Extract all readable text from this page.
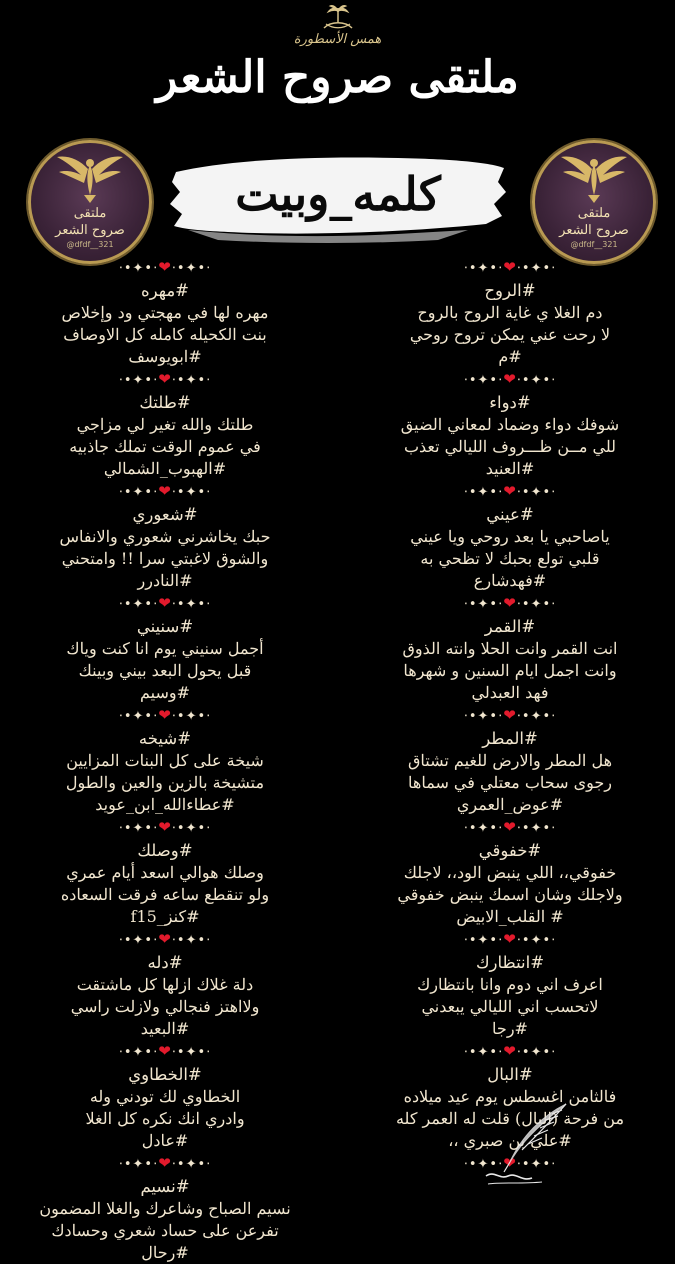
همس الأسطورة
ملتقى صروح الشعر
ملتقى
صروح الشعر
@dfdf__321
ملتقى
صروح الشعر
@dfdf__321
كلمه_وبيت
⋅•✦•⋅❤⋅•✦•⋅
#الروح
دم الغلا ي غاية الروح بالروح
لا رحت عني يمكن تروح روحي
#م
⋅•✦•⋅❤⋅•✦•⋅
#دواء
شوفك دواء وضماد لمعاني الضيق
للي مــن ظـــروف الليالي تعذب
#العنيد
⋅•✦•⋅❤⋅•✦•⋅
#عيني
ياصاحبي يا بعد روحي ويا عيني
قلبي تولع بحبك لا تظحي به
#فهدشارع
⋅•✦•⋅❤⋅•✦•⋅
#القمر
انت القمر وانت الحلا وانته الذوق
وانت اجمل ايام السنين و شهرها
فهد العبدلي
⋅•✦•⋅❤⋅•✦•⋅
#المطر
هل المطر والارض للغيم تشتاق
رجوى سحاب معتلي في سماها
#عوض_العمري
⋅•✦•⋅❤⋅•✦•⋅
#خفوقي
خفوقي،، اللي ينبض الود،، لاجلك
ولاجلك وشان اسمك ينبض خفوقي
# القلب_الابيض
⋅•✦•⋅❤⋅•✦•⋅
#انتظارك
اعرف اني دوم وانا بانتظارك
لاتحسب اني الليالي يبعدني
#رجا
⋅•✦•⋅❤⋅•✦•⋅
#البال
فالثامن اغسطس يوم عيد ميلاده
من فرحة (البال) قلت له العمر كله
#علي بن صبري ،،
⋅•✦•⋅❤⋅•✦•⋅
⋅•✦•⋅❤⋅•✦•⋅
#مهره
مهره لها في مهجتي ود وإخلاص
بنت الكحيله كامله كل الاوصاف
#ابويوسف
⋅•✦•⋅❤⋅•✦•⋅
#طلتك
طلتك والله تغير لي مزاجي
في عموم الوقت تملك جاذبيه
#الهبوب_الشمالي
⋅•✦•⋅❤⋅•✦•⋅
#شعوري
حبك يخاشرني شعوري والانفاس
والشوق لاغبتي سرا !! وامتحني
#النادرر
⋅•✦•⋅❤⋅•✦•⋅
#سنيني
أجمل سنيني يوم انا كنت وياك
قبل يحول البعد بيني وبينك
#وسيم
⋅•✦•⋅❤⋅•✦•⋅
#شيخه
شيخة على كل البنات المزايين
متشيخة بالزين والعين والطول
#عطاءالله_ابن_عويد
⋅•✦•⋅❤⋅•✦•⋅
#وصلك
وصلك هوالي اسعد أيام عمري
ولو تنقطع ساعه فرقت السعاده
#كنز_f15
⋅•✦•⋅❤⋅•✦•⋅
#دله
دلة غلاك ازلها كل ماشتقت
ولااهتز فنجالي ولازلت راسي
#البعيد
⋅•✦•⋅❤⋅•✦•⋅
#الخطاوي
الخطاوي لك تودني وله
وادري انك نكره كل الغلا
#عادل
⋅•✦•⋅❤⋅•✦•⋅
#نسيم
نسيم الصباح وشاعرك والغلا المضمون
تفرعن على حساد شعري وحسادك
#رحال
